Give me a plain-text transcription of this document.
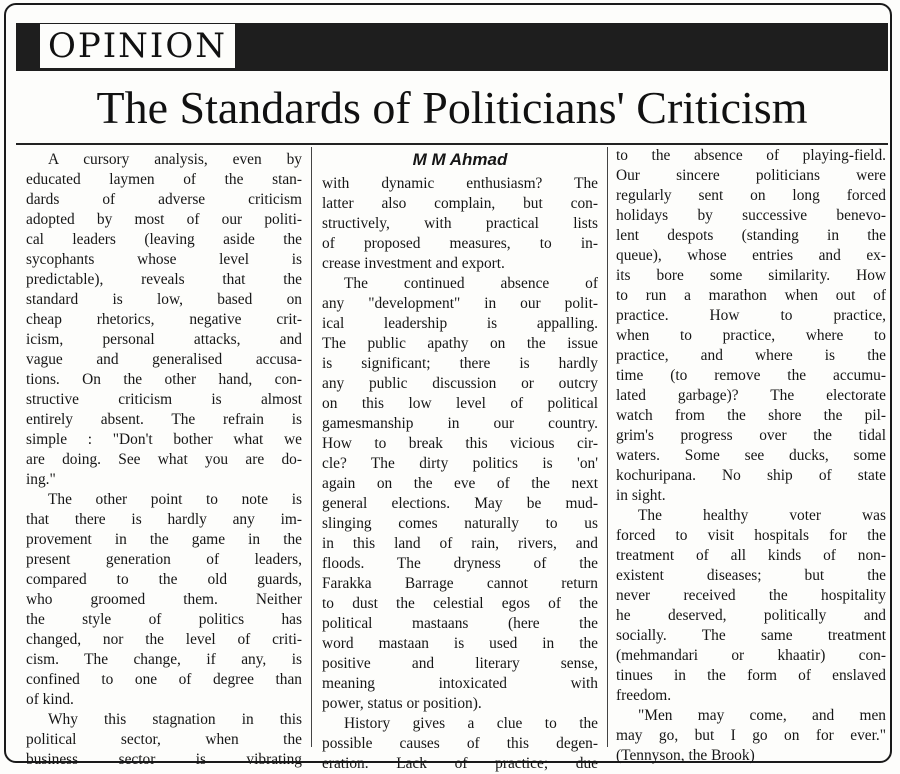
OPINION
The Standards of Politicians' Criticism
A cursory analysis, even by
educated laymen of the stan-
dards of adverse criticism
adopted by most of our politi-
cal leaders (leaving aside the
sycophants whose level is
predictable), reveals that the
standard is low, based on
cheap rhetorics, negative crit-
icism, personal attacks, and
vague and generalised accusa-
tions. On the other hand, con-
structive criticism is almost
entirely absent. The refrain is
simple : "Don't bother what we
are doing. See what you are do-
ing."
The other point to note is
that there is hardly any im-
provement in the game in the
present generation of leaders,
compared to the old guards,
who groomed them. Neither
the style of politics has
changed, nor the level of criti-
cism. The change, if any, is
confined to one of degree than
of kind.
Why this stagnation in this
political sector, when the
business sector is vibrating
M M Ahmad
with dynamic enthusiasm? The
latter also complain, but con-
structively, with practical lists
of proposed measures, to in-
crease investment and export.
The continued absence of
any "development" in our polit-
ical leadership is appalling.
The public apathy on the issue
is significant; there is hardly
any public discussion or outcry
on this low level of political
gamesmanship in our country.
How to break this vicious cir-
cle? The dirty politics is 'on'
again on the eve of the next
general elections. May be mud-
slinging comes naturally to us
in this land of rain, rivers, and
floods. The dryness of the
Farakka Barrage cannot return
to dust the celestial egos of the
political mastaans (here the
word mastaan is used in the
positive and literary sense,
meaning intoxicated with
power, status or position).
History gives a clue to the
possible causes of this degen-
eration. Lack of practice; due
to the absence of playing-field.
Our sincere politicians were
regularly sent on long forced
holidays by successive benevo-
lent despots (standing in the
queue), whose entries and ex-
its bore some similarity. How
to run a marathon when out of
practice. How to practice,
when to practice, where to
practice, and where is the
time (to remove the accumu-
lated garbage)? The electorate
watch from the shore the pil-
grim's progress over the tidal
waters. Some see ducks, some
kochuripana. No ship of state
in sight.
The healthy voter was
forced to visit hospitals for the
treatment of all kinds of non-
existent diseases; but the
never received the hospitality
he deserved, politically and
socially. The same treatment
(mehmandari or khaatir) con-
tinues in the form of enslaved
freedom.
"Men may come, and men
may go, but I go on for ever."
(Tennyson, the Brook)
